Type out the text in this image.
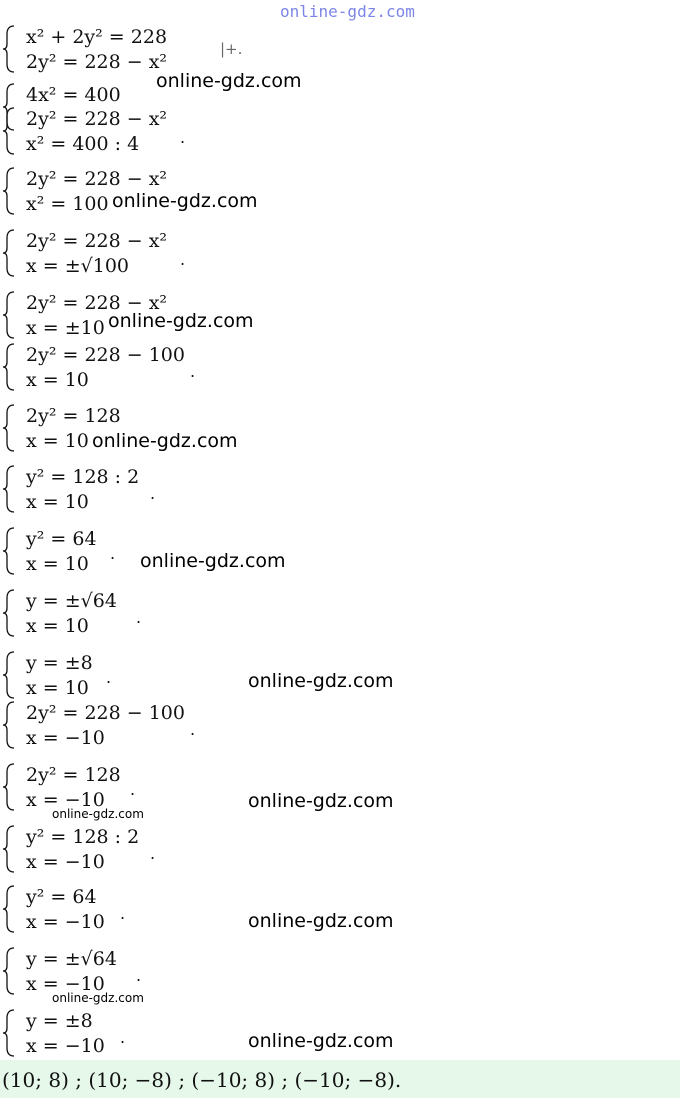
online-gdz.com
x² + 2y² = 228
2y² = 228 − x²
|+.
4x² = 400
2y² = 228 − x²
x² = 400 : 4	.
2y² = 228 − x²
x² = 100
2y² = 228 − x²
x = ±√100	.
2y² = 228 − x²
x = ±10
2y² = 228 − 100
x = 10	.
2y² = 128
x = 10
y² = 128 : 2
x = 10	.
y² = 64
x = 10 .
y = ±√64
x = 10	.
y = ±8
x = 10 .
2y² = 228 − 100
x = −10	.
2y² = 128
x = −10 .
y² = 128 : 2
x = −10	.
y² = 64
x = −10 .
y = ±√64
x = −10 .
y = ±8
x = −10 .
online-gdz.com
online-gdz.com
online-gdz.com
online-gdz.com
online-gdz.com
online-gdz.com
online-gdz.com
online-gdz.com
online-gdz.com
online-gdz.com
online-gdz.com
(10; 8) ; (10; −8) ; (−10; 8) ; (−10; −8).
